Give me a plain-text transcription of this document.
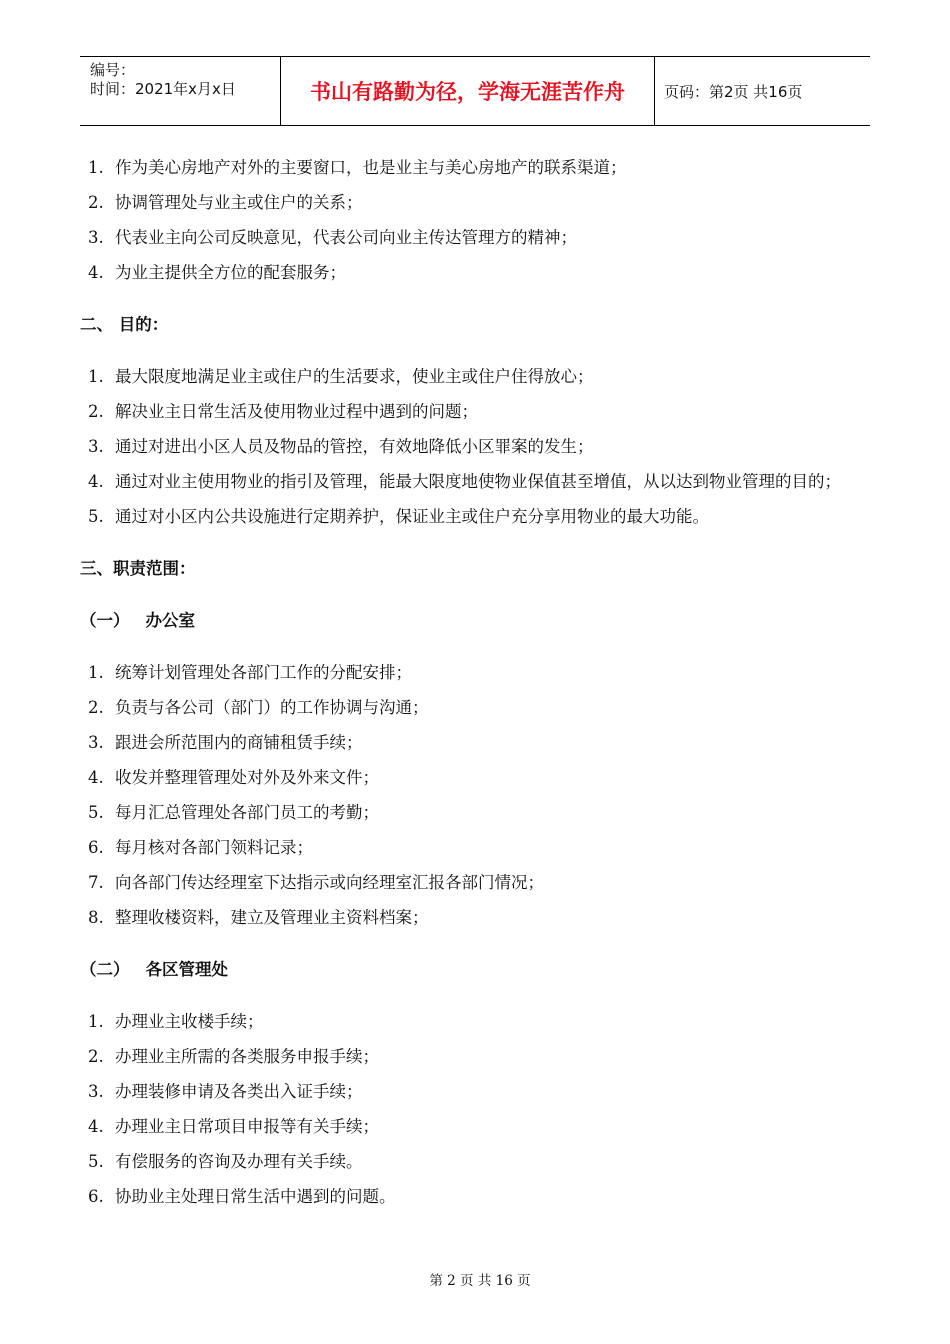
编号：
时间：2021年x月x日	书山有路勤为径，学海无涯苦作舟	页码：第2页 共16页
1. 作为美心房地产对外的主要窗口，也是业主与美心房地产的联系渠道；
2. 协调管理处与业主或住户的关系；
3. 代表业主向公司反映意见，代表公司向业主传达管理方的精神；
4. 为业主提供全方位的配套服务；
二、 目的：
1. 最大限度地满足业主或住户的生活要求，使业主或住户住得放心；
2. 解决业主日常生活及使用物业过程中遇到的问题；
3. 通过对进出小区人员及物品的管控，有效地降低小区罪案的发生；
4. 通过对业主使用物业的指引及管理，能最大限度地使物业保值甚至增值，从以达到物业管理的目的；
5. 通过对小区内公共设施进行定期养护，保证业主或住户充分享用物业的最大功能。
三、职责范围：
（一） 办公室
1. 统筹计划管理处各部门工作的分配安排；
2. 负责与各公司（部门）的工作协调与沟通；
3. 跟进会所范围内的商铺租赁手续；
4. 收发并整理管理处对外及外来文件；
5. 每月汇总管理处各部门员工的考勤；
6. 每月核对各部门领料记录；
7. 向各部门传达经理室下达指示或向经理室汇报各部门情况；
8. 整理收楼资料，建立及管理业主资料档案；
（二） 各区管理处
1. 办理业主收楼手续；
2. 办理业主所需的各类服务申报手续；
3. 办理装修申请及各类出入证手续；
4. 办理业主日常项目申报等有关手续；
5. 有偿服务的咨询及办理有关手续。
6. 协助业主处理日常生活中遇到的问题。
第 2 页 共 16 页
